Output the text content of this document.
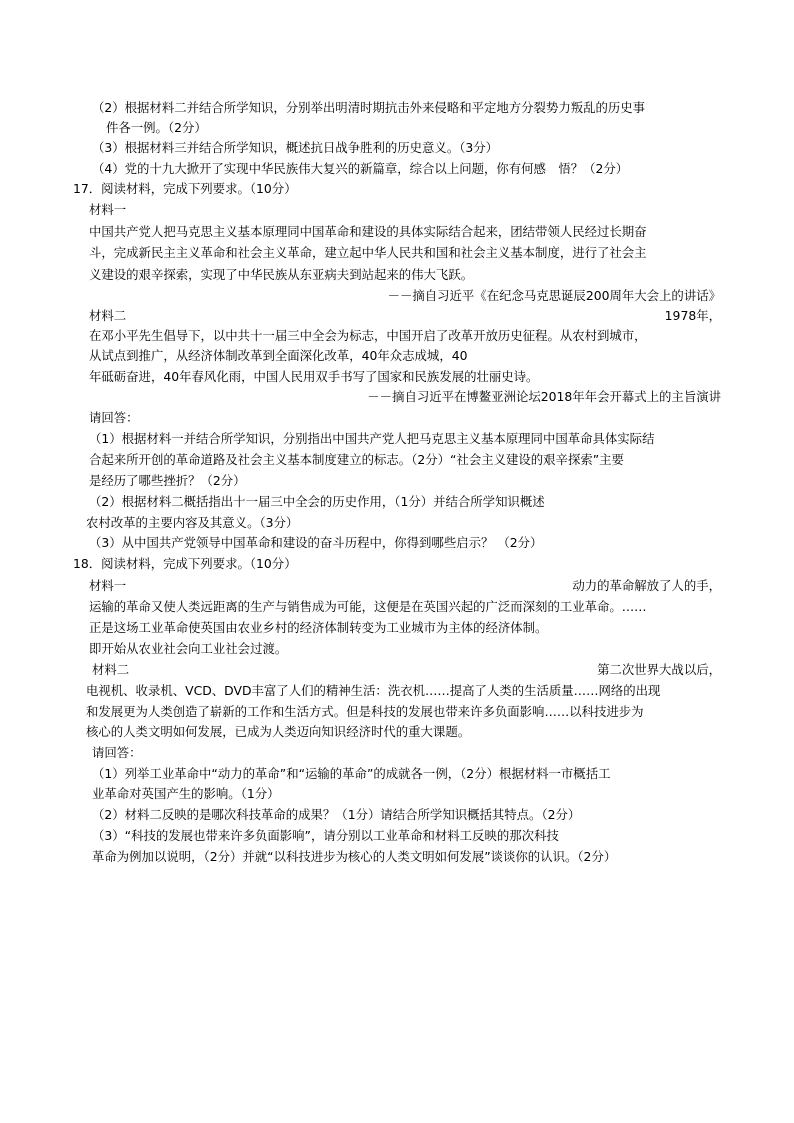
（2）根据材料二并结合所学知识，分别举出明清时期抗击外来侵略和平定地方分裂势力叛乱的历史事
件各一例。（2分）
（3）根据材料三并结合所学知识，概述抗日战争胜利的历史意义。（3分）
（4）党的十九大掀开了实现中华民族伟大复兴的新篇章，综合以上问题，你有何感　悟？（2分）
17．阅读材料，完成下列要求。（10分）
材料一
中国共产党人把马克思主义基本原理同中国革命和建设的具体实际结合起来，团结带领人民经过长期奋
斗，完成新民主主义革命和社会主义革命，建立起中华人民共和国和社会主义基本制度，进行了社会主
义建设的艰辛探索，实现了中华民族从东亚病夫到站起来的伟大飞跃。
－－摘自习近平《在纪念马克思诞辰200周年大会上的讲话》
材料二	1978年，
在邓小平先生倡导下，以中共十一届三中全会为标志，中国开启了改革开放历史征程。从农村到城市，
从试点到推广，从经济体制改革到全面深化改革，40年众志成城，40
年砥砺奋进，40年春风化雨，中国人民用双手书写了国家和民族发展的壮丽史诗。
－－摘自习近平在博鳌亚洲论坛2018年年会开幕式上的主旨演讲
请回答：
（1）根据材料一并结合所学知识，分别指出中国共产党人把马克思主义基本原理同中国革命具体实际结
合起来所开创的革命道路及社会主义基本制度建立的标志。（2分）“社会主义建设的艰辛探索”主要
是经历了哪些挫折？（2分）
（2）根据材料二概括指出十一届三中全会的历史作用，（1分）并结合所学知识概述
农村改革的主要内容及其意义。（3分）
（3）从中国共产党领导中国革命和建设的奋斗历程中，你得到哪些启示？ （2分）
18．阅读材料，完成下列要求。（10分）
材料一	动力的革命解放了人的手，
运输的革命又使人类远距离的生产与销售成为可能，这便是在英国兴起的广泛而深刻的工业革命。……
正是这场工业革命使英国由农业乡村的经济体制转变为工业城市为主体的经济体制。
即开始从农业社会向工业社会过渡。
材料二	第二次世界大战以后，
电视机、收录机、VCD、DVD丰富了人们的精神生活：洗衣机……提高了人类的生活质量……网络的出现
和发展更为人类创造了崭新的工作和生活方式。但是科技的发展也带来许多负面影响……以科技进步为
核心的人类文明如何发展，已成为人类迈向知识经济时代的重大课题。
请回答：
（1）列举工业革命中“动力的革命”和“运输的革命”的成就各一例，（2分）根据材料一市概括工
业革命对英国产生的影响。（1分）
（2）材料二反映的是哪次科技革命的成果？（1分）请结合所学知识概括其特点。（2分）
（3）“科技的发展也带来许多负面影响”，请分别以工业革命和材料工反映的那次科技
革命为例加以说明，（2分）并就“以科技进步为核心的人类文明如何发展”谈谈你的认识。（2分）
